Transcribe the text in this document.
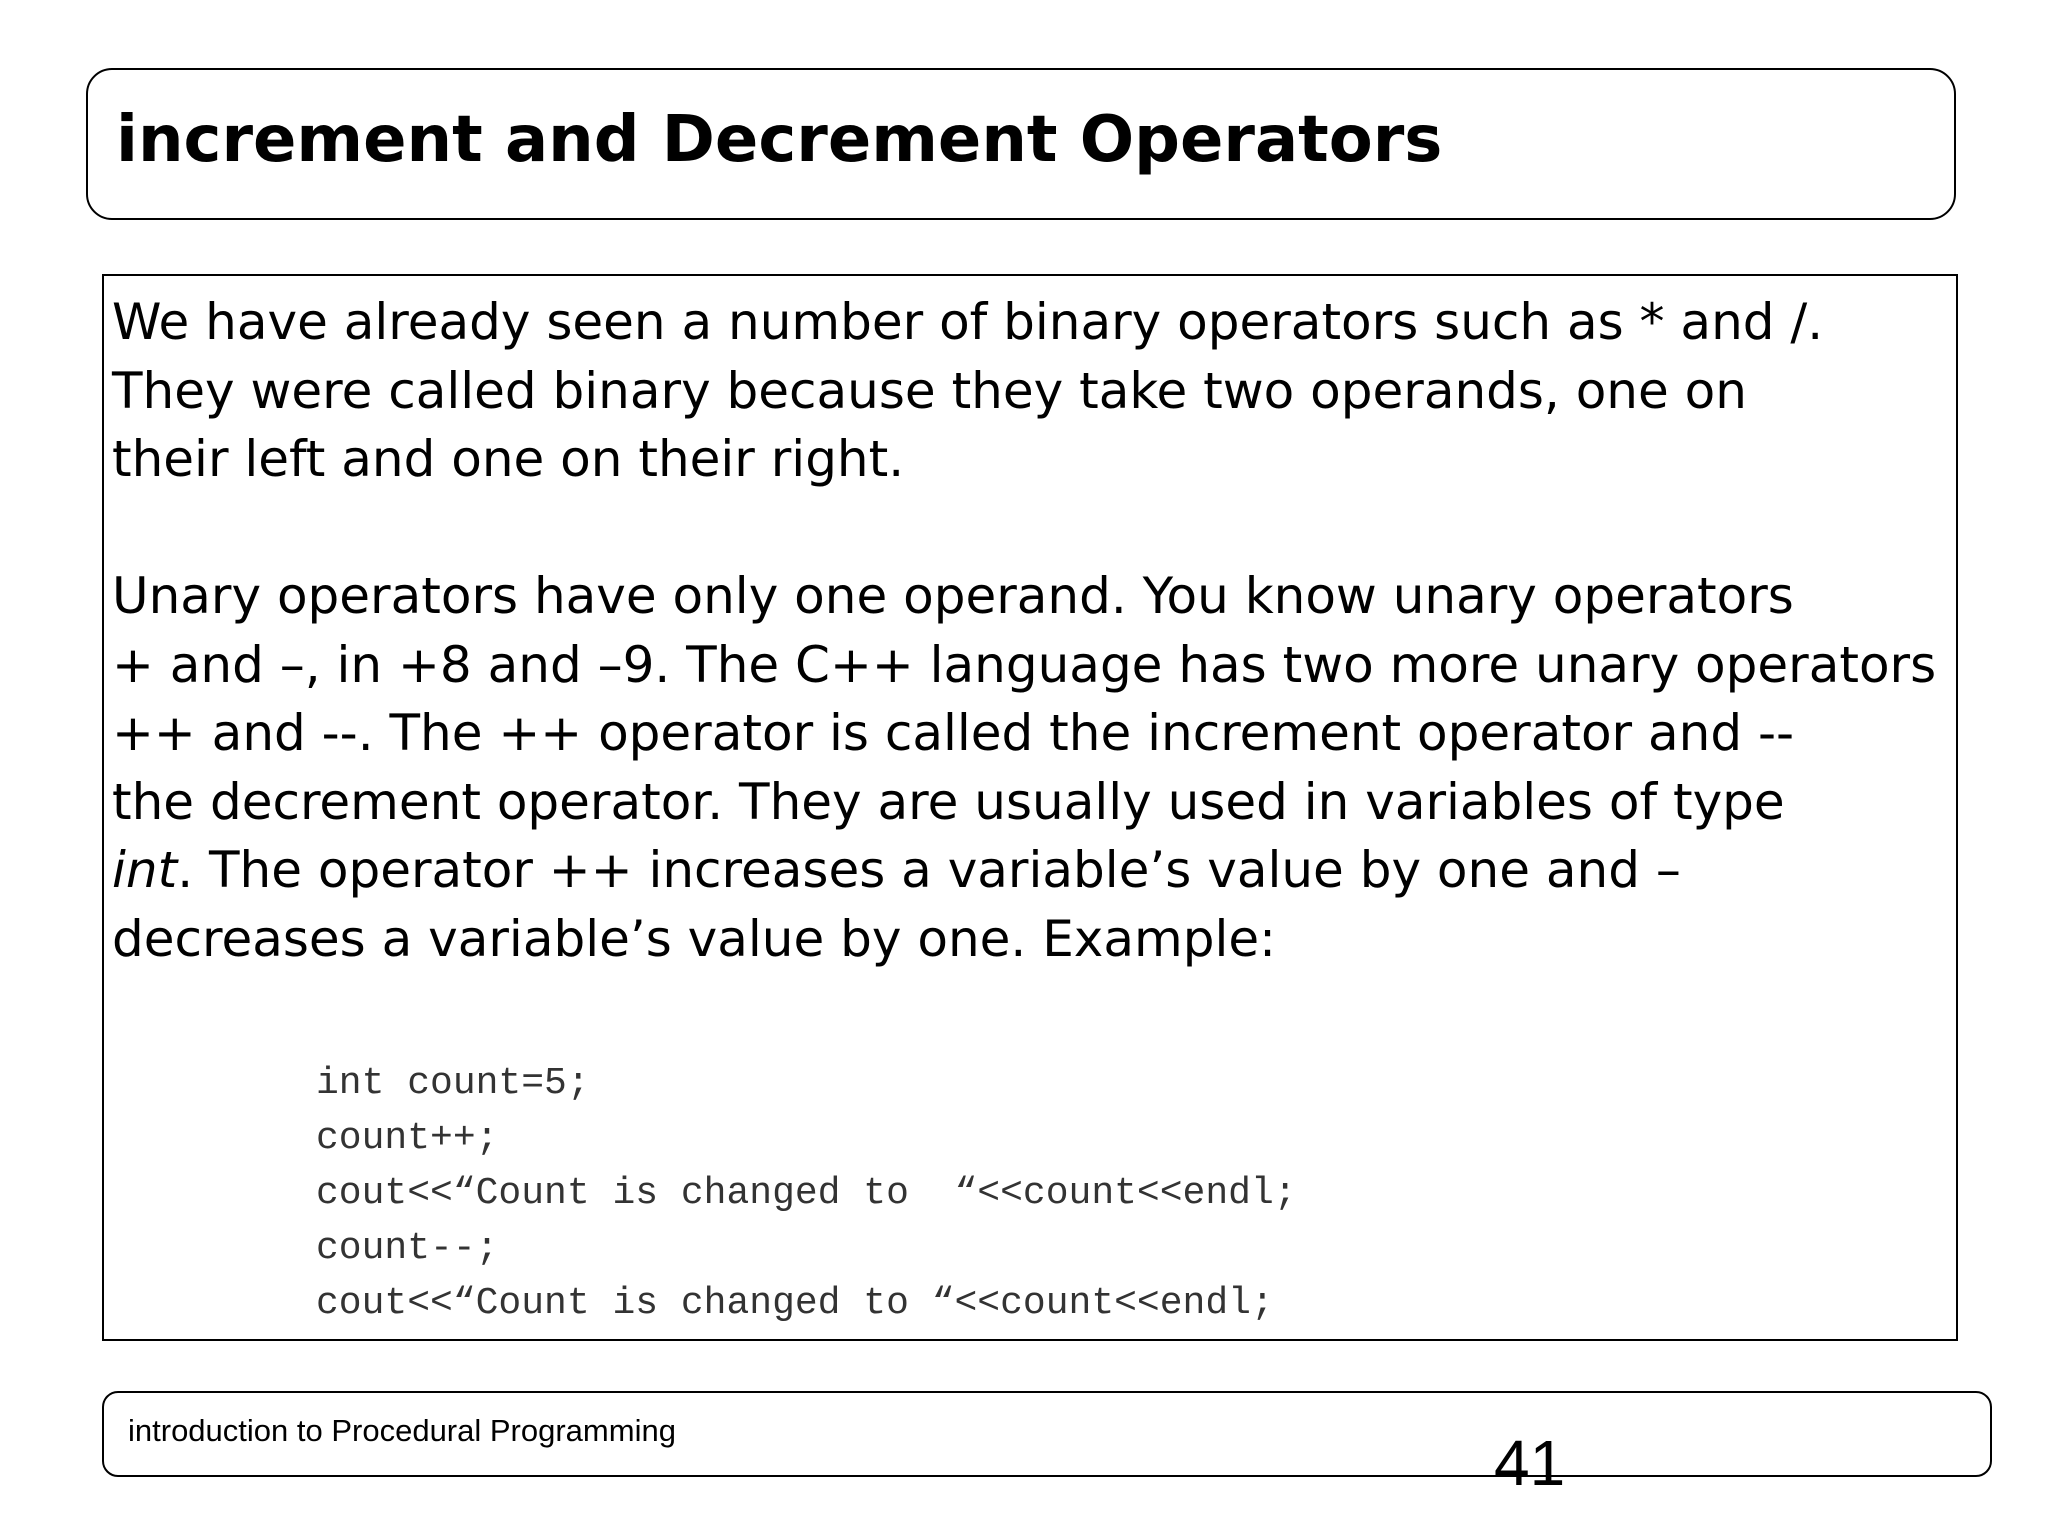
increment and Decrement Operators

We have already seen a number of binary operators such as * and /.
They were called binary because they take two operands, one on
their left and one on their right.

Unary operators have only one operand. You know unary operators
+ and –, in +8 and –9. The C++ language has two more unary operators
++ and --. The ++ operator is called the increment operator and --
the decrement operator. They are usually used in variables of type
int. The operator ++ increases a variable’s value by one and –
decreases a variable’s value by one. Example:

int count=5;
count++;
cout<<“Count is changed to  “<<count<<endl;
count--;
cout<<“Count is changed to “<<count<<endl;
introduction to Procedural Programming	41
